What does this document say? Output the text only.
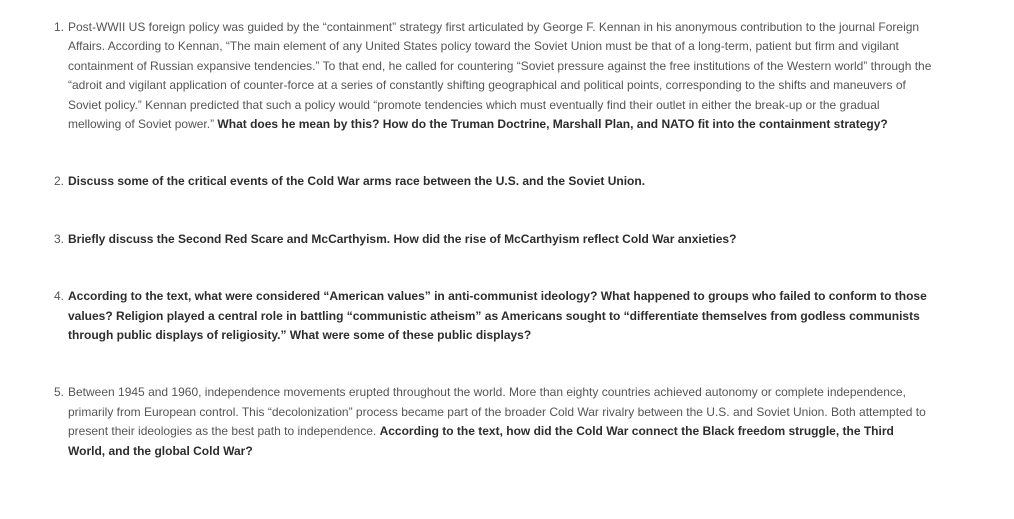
1. Post-WWII US foreign policy was guided by the “containment” strategy first articulated by George F. Kennan in his anonymous contribution to the journal Foreign Affairs. According to Kennan, “The main element of any United States policy toward the Soviet Union must be that of a long-term, patient but firm and vigilant containment of Russian expansive tendencies.” To that end, he called for countering “Soviet pressure against the free institutions of the Western world” through the “adroit and vigilant application of counter-force at a series of constantly shifting geographical and political points, corresponding to the shifts and maneuvers of Soviet policy.” Kennan predicted that such a policy would “promote tendencies which must eventually find their outlet in either the break-up or the gradual mellowing of Soviet power.” What does he mean by this? How do the Truman Doctrine, Marshall Plan, and NATO fit into the containment strategy?
2. Discuss some of the critical events of the Cold War arms race between the U.S. and the Soviet Union.
3. Briefly discuss the Second Red Scare and McCarthyism. How did the rise of McCarthyism reflect Cold War anxieties?
4. According to the text, what were considered “American values” in anti-communist ideology? What happened to groups who failed to conform to those values? Religion played a central role in battling “communistic atheism” as Americans sought to “differentiate themselves from godless communists through public displays of religiosity.” What were some of these public displays?
5. Between 1945 and 1960, independence movements erupted throughout the world. More than eighty countries achieved autonomy or complete independence, primarily from European control. This “decolonization” process became part of the broader Cold War rivalry between the U.S. and Soviet Union. Both attempted to present their ideologies as the best path to independence. According to the text, how did the Cold War connect the Black freedom struggle, the Third World, and the global Cold War?
